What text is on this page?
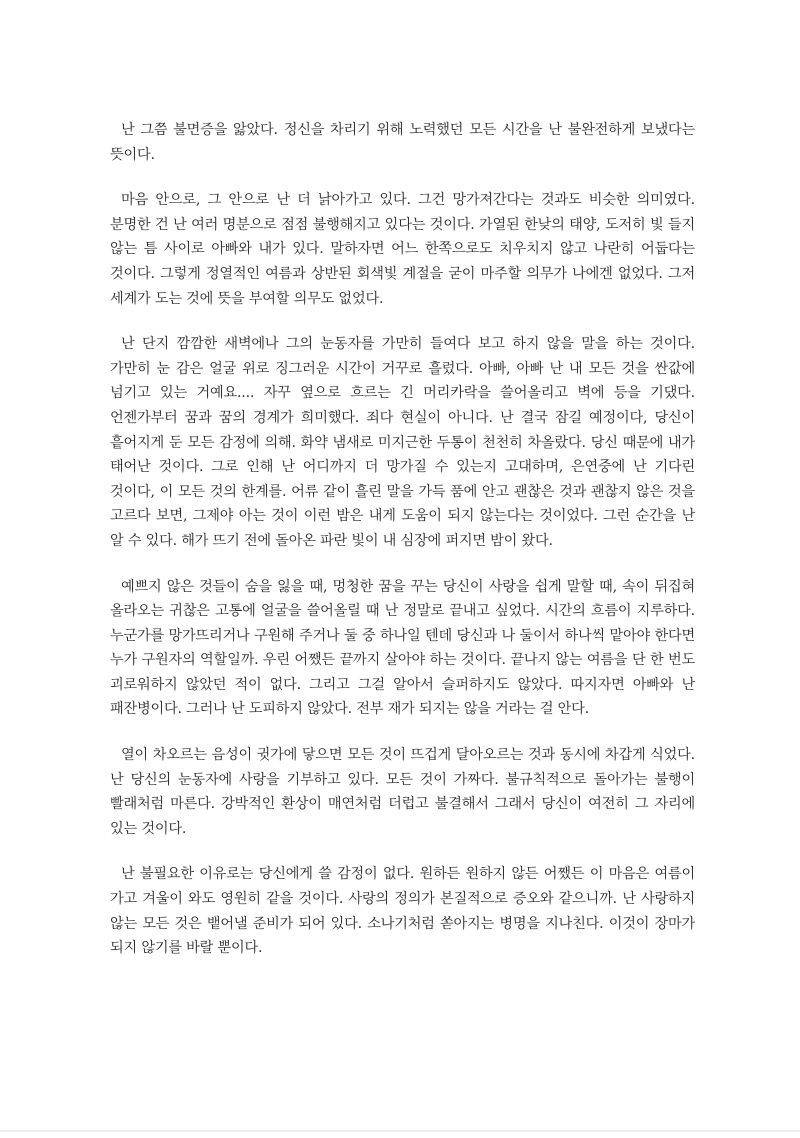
난 그쯤 불면증을 앓았다. 정신을 차리기 위해 노력했던 모든 시간을 난 불완전하게 보냈다는 뜻이다.

마음 안으로, 그 안으로 난 더 낡아가고 있다. 그건 망가져간다는 것과도 비슷한 의미였다. 분명한 건 난 여러 명분으로 점점 불행해지고 있다는 것이다. 가열된 한낮의 태양, 도저히 빛 들지 않는 틈 사이로 아빠와 내가 있다. 말하자면 어느 한쪽으로도 치우치지 않고 나란히 어둡다는 것이다. 그렇게 정열적인 여름과 상반된 회색빛 계절을 굳이 마주할 의무가 나에겐 없었다. 그저 세계가 도는 것에 뜻을 부여할 의무도 없었다.

난 단지 깜깜한 새벽에나 그의 눈동자를 가만히 들여다 보고 하지 않을 말을 하는 것이다. 가만히 눈 감은 얼굴 위로 징그러운 시간이 거꾸로 흘렀다. 아빠, 아빠 난 내 모든 것을 싼값에 넘기고 있는 거예요.... 자꾸 옆으로 흐르는 긴 머리카락을 쓸어올리고 벽에 등을 기댔다. 언젠가부터 꿈과 꿈의 경계가 희미했다. 죄다 현실이 아니다. 난 결국 잠길 예정이다, 당신이 흩어지게 둔 모든 감정에 의해. 화약 냄새로 미지근한 두통이 천천히 차올랐다. 당신 때문에 내가 태어난 것이다. 그로 인해 난 어디까지 더 망가질 수 있는지 고대하며, 은연중에 난 기다린 것이다, 이 모든 것의 한계를. 어류 같이 흘린 말을 가득 품에 안고 괜찮은 것과 괜찮지 않은 것을 고르다 보면, 그제야 아는 것이 이런 밤은 내게 도움이 되지 않는다는 것이었다. 그런 순간을 난 알 수 있다. 해가 뜨기 전에 돌아온 파란 빛이 내 심장에 퍼지면 밤이 왔다.

예쁘지 않은 것들이 숨을 잃을 때, 멍청한 꿈을 꾸는 당신이 사랑을 쉽게 말할 때, 속이 뒤집혀 올라오는 귀찮은 고통에 얼굴을 쓸어올릴 때 난 정말로 끝내고 싶었다. 시간의 흐름이 지루하다. 누군가를 망가뜨리거나 구원해 주거나 둘 중 하나일 텐데 당신과 나 둘이서 하나씩 맡아야 한다면 누가 구원자의 역할일까. 우린 어쨌든 끝까지 살아야 하는 것이다. 끝나지 않는 여름을 단 한 번도 괴로워하지 않았던 적이 없다. 그리고 그걸 알아서 슬퍼하지도 않았다. 따지자면 아빠와 난 패잔병이다. 그러나 난 도피하지 않았다. 전부 재가 되지는 않을 거라는 걸 안다.

열이 차오르는 음성이 귓가에 닿으면 모든 것이 뜨겁게 달아오르는 것과 동시에 차갑게 식었다. 난 당신의 눈동자에 사랑을 기부하고 있다. 모든 것이 가짜다. 불규칙적으로 돌아가는 불행이 빨래처럼 마른다. 강박적인 환상이 매연처럼 더럽고 불결해서 그래서 당신이 여전히 그 자리에 있는 것이다.

난 불필요한 이유로는 당신에게 쓸 감정이 없다. 원하든 원하지 않든 어쨌든 이 마음은 여름이 가고 겨울이 와도 영원히 같을 것이다. 사랑의 정의가 본질적으로 증오와 같으니까. 난 사랑하지 않는 모든 것은 뱉어낼 준비가 되어 있다. 소나기처럼 쏟아지는 병명을 지나친다. 이것이 장마가 되지 않기를 바랄 뿐이다.
